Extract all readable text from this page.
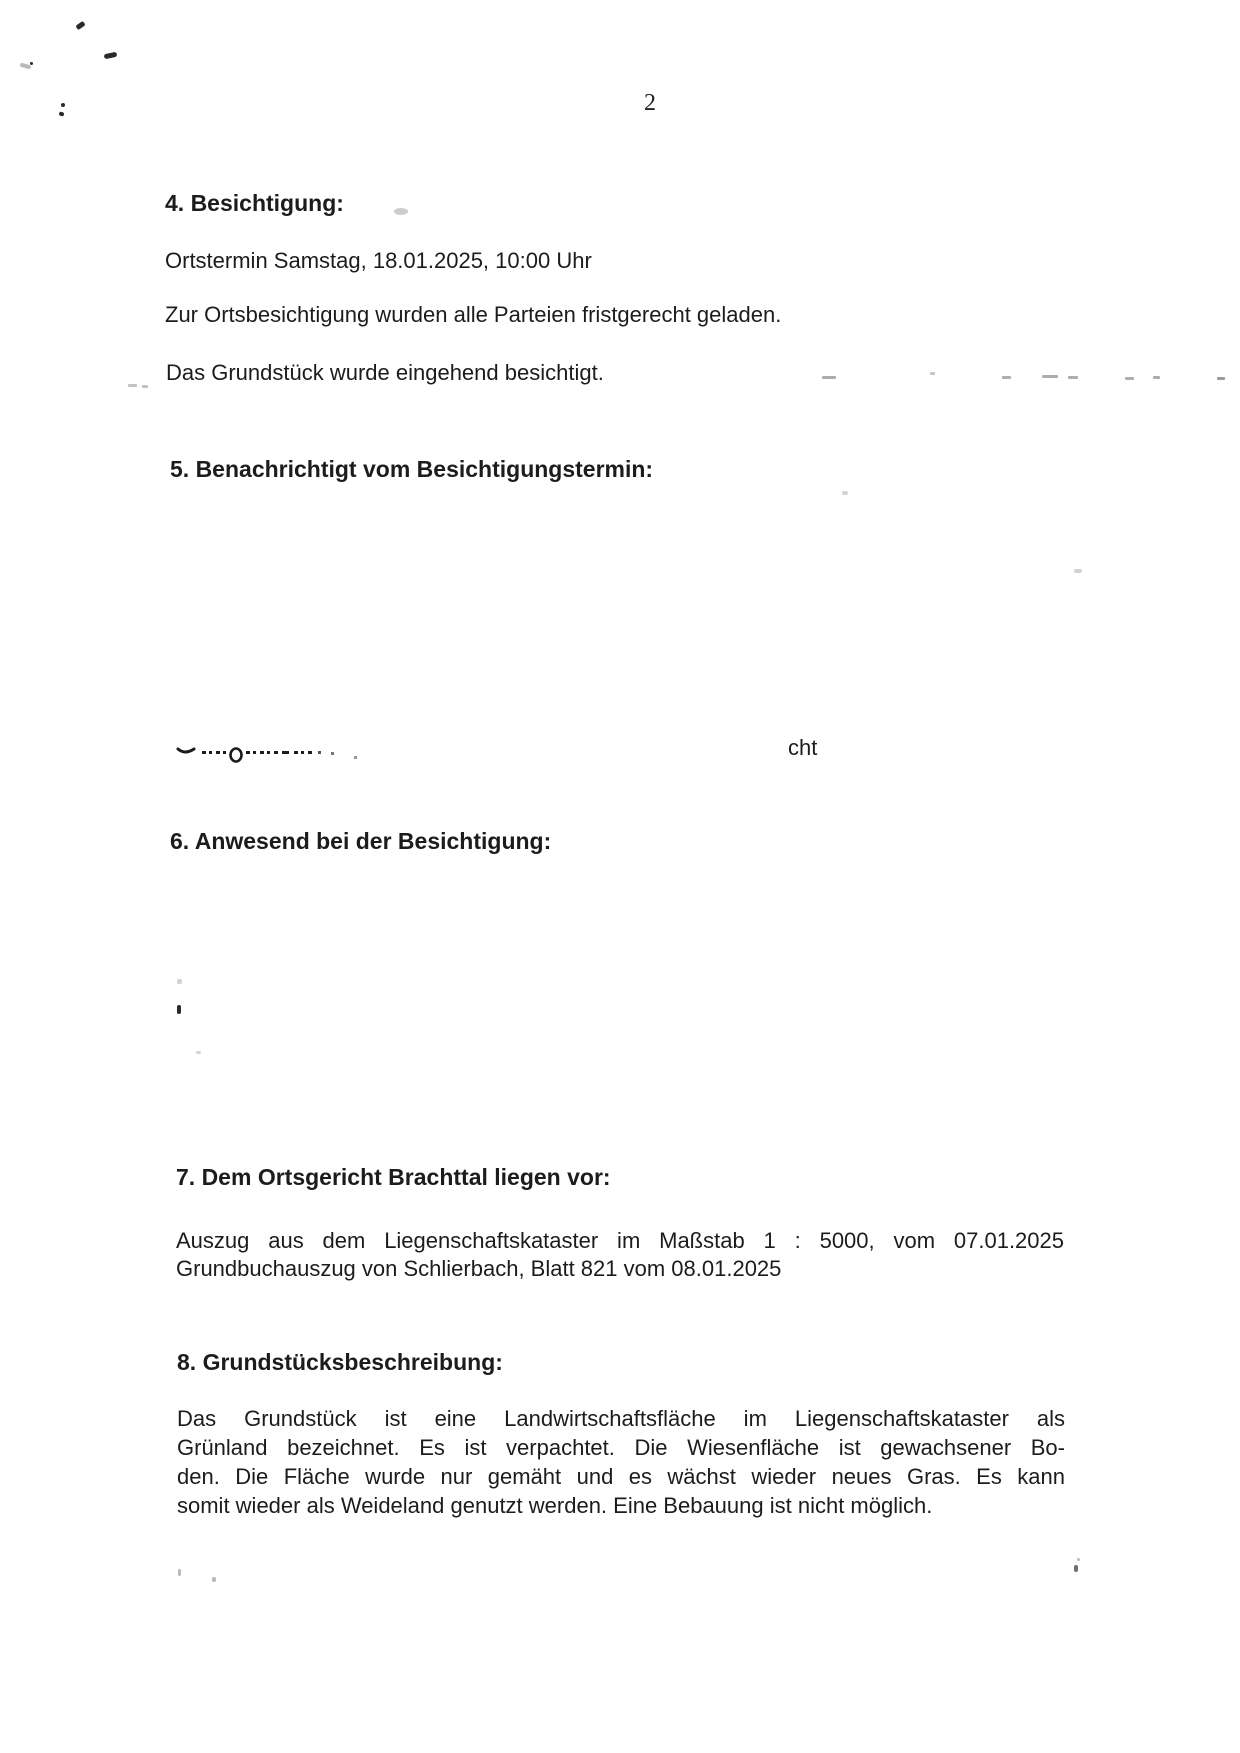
2
4. Besichtigung:
Ortstermin Samstag, 18.01.2025, 10:00 Uhr
Zur Ortsbesichtigung wurden alle Parteien fristgerecht geladen.
Das Grundstück wurde eingehend besichtigt.
5. Benachrichtigt vom Besichtigungstermin:
cht
6. Anwesend bei der Besichtigung:
7. Dem Ortsgericht Brachttal liegen vor:
Auszug aus dem Liegenschaftskataster im Maßstab 1 : 5000, vom 07.01.2025
Grundbuchauszug von Schlierbach, Blatt 821 vom 08.01.2025
8. Grundstücksbeschreibung:
Das Grundstück ist eine Landwirtschaftsfläche im Liegenschaftskataster als
Grünland bezeichnet. Es ist verpachtet. Die Wiesenfläche ist gewachsener Bo-
den. Die Fläche wurde nur gemäht und es wächst wieder neues Gras. Es kann
somit wieder als Weideland genutzt werden. Eine Bebauung ist nicht möglich.
